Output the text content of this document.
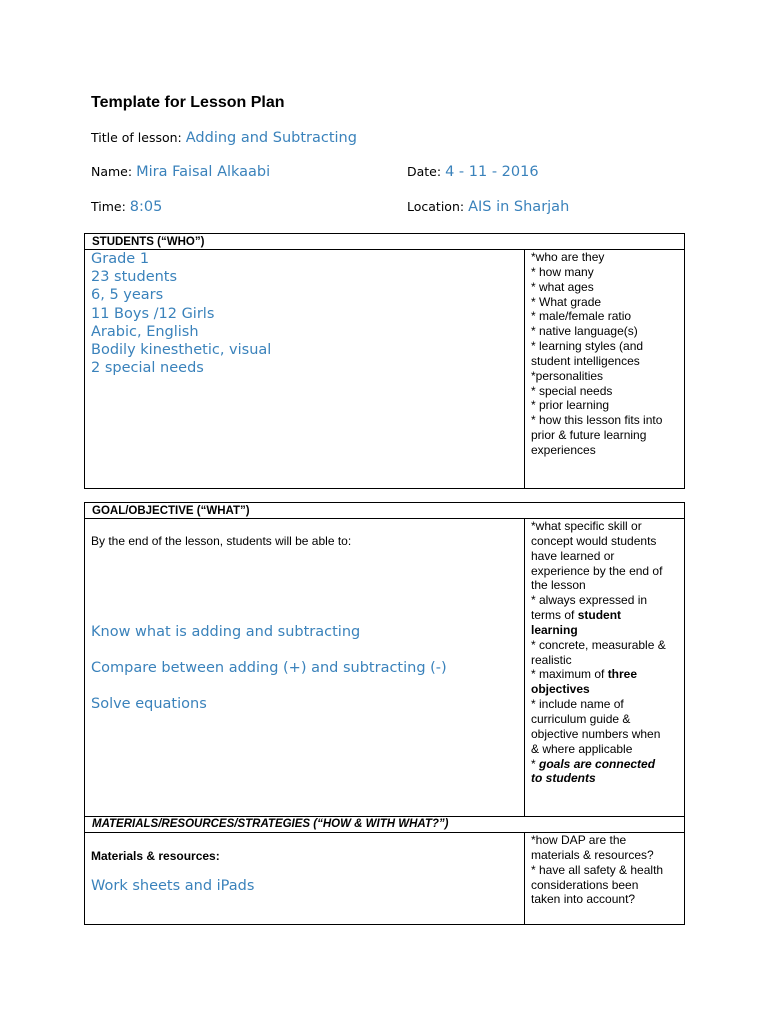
Template for Lesson Plan
Title of lesson: Adding and Subtracting
Name: Mira Faisal Alkaabi	Date: 4 - 11 - 2016
Time: 8:05	Location: AIS in Sharjah
STUDENTS (“WHO”)
Grade 1
23 students
6, 5 years
11 Boys /12 Girls
Arabic, English
Bodily kinesthetic, visual
2 special needs
*who are they
* how many
* what ages
* What grade
* male/female ratio
* native language(s)
* learning styles (and
student intelligences
*personalities
* special needs
* prior learning
* how this lesson fits into
prior & future learning
experiences
GOAL/OBJECTIVE (“WHAT”)
By the end of the lesson, students will be able to:
Know what is adding and subtracting
Compare between adding (+) and subtracting (-)
Solve equations
*what specific skill or
concept would students
have learned or
experience by the end of
the lesson
* always expressed in
terms of student
learning
* concrete, measurable &
realistic
* maximum of three
objectives
* include name of
curriculum guide &
objective numbers when
& where applicable
* goals are connected
to students
MATERIALS/RESOURCES/STRATEGIES (“HOW & WITH WHAT?”)
Materials & resources:
Work sheets and iPads
*how DAP are the
materials & resources?
* have all safety & health
considerations been
taken into account?
